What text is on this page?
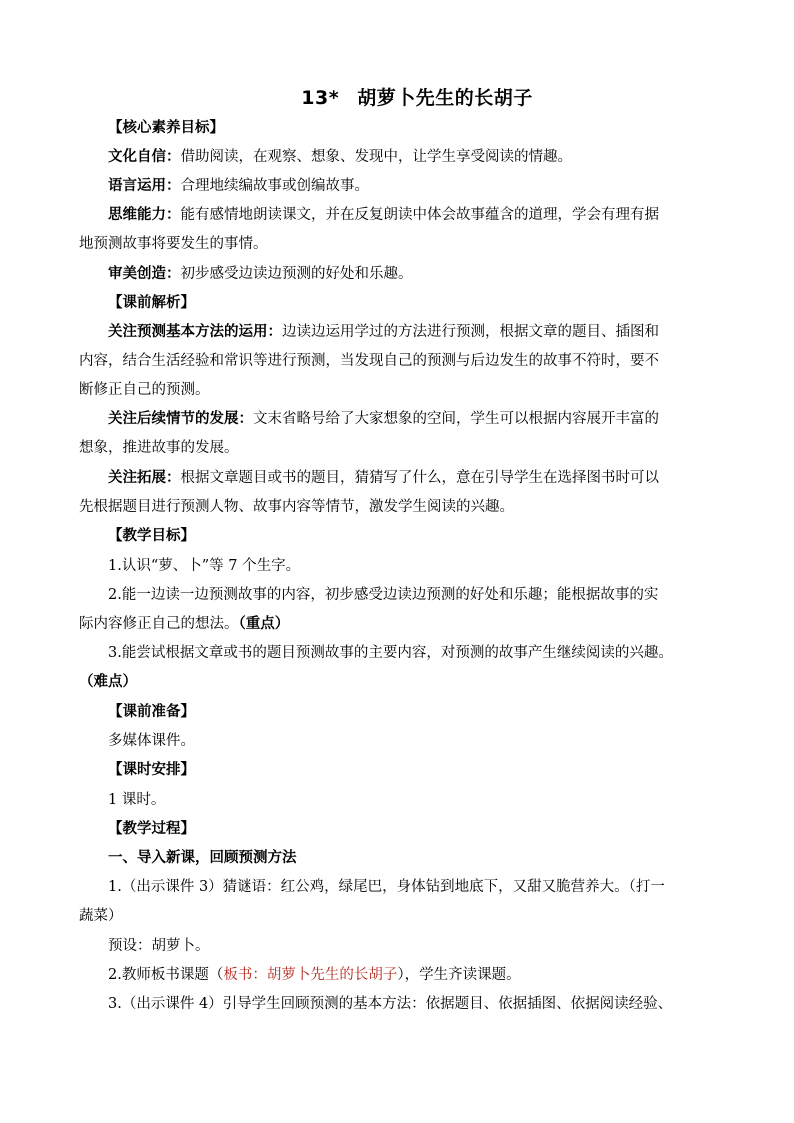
13* 胡萝卜先生的长胡子
【核心素养目标】
文化自信：借助阅读，在观察、想象、发现中，让学生享受阅读的情趣。
语言运用：合理地续编故事或创编故事。
思维能力：能有感情地朗读课文，并在反复朗读中体会故事蕴含的道理，学会有理有据
地预测故事将要发生的事情。
审美创造：初步感受边读边预测的好处和乐趣。
【课前解析】
关注预测基本方法的运用：边读边运用学过的方法进行预测，根据文章的题目、插图和
内容，结合生活经验和常识等进行预测，当发现自己的预测与后边发生的故事不符时，要不
断修正自己的预测。
关注后续情节的发展：文末省略号给了大家想象的空间，学生可以根据内容展开丰富的
想象，推进故事的发展。
关注拓展：根据文章题目或书的题目，猜猜写了什么，意在引导学生在选择图书时可以
先根据题目进行预测人物、故事内容等情节，激发学生阅读的兴趣。
【教学目标】
1.认识“萝、卜”等 7 个生字。
2.能一边读一边预测故事的内容，初步感受边读边预测的好处和乐趣；能根据故事的实
际内容修正自己的想法。（重点）
3.能尝试根据文章或书的题目预测故事的主要内容，对预测的故事产生继续阅读的兴趣。
（难点）
【课前准备】
多媒体课件。
【课时安排】
1 课时。
【教学过程】
一、导入新课，回顾预测方法
1.（出示课件 3）猜谜语：红公鸡，绿尾巴，身体钻到地底下，又甜又脆营养大。（打一
蔬菜）
预设：胡萝卜。
2.教师板书课题（板书：胡萝卜先生的长胡子），学生齐读课题。
3.（出示课件 4）引导学生回顾预测的基本方法：依据题目、依据插图、依据阅读经验、
